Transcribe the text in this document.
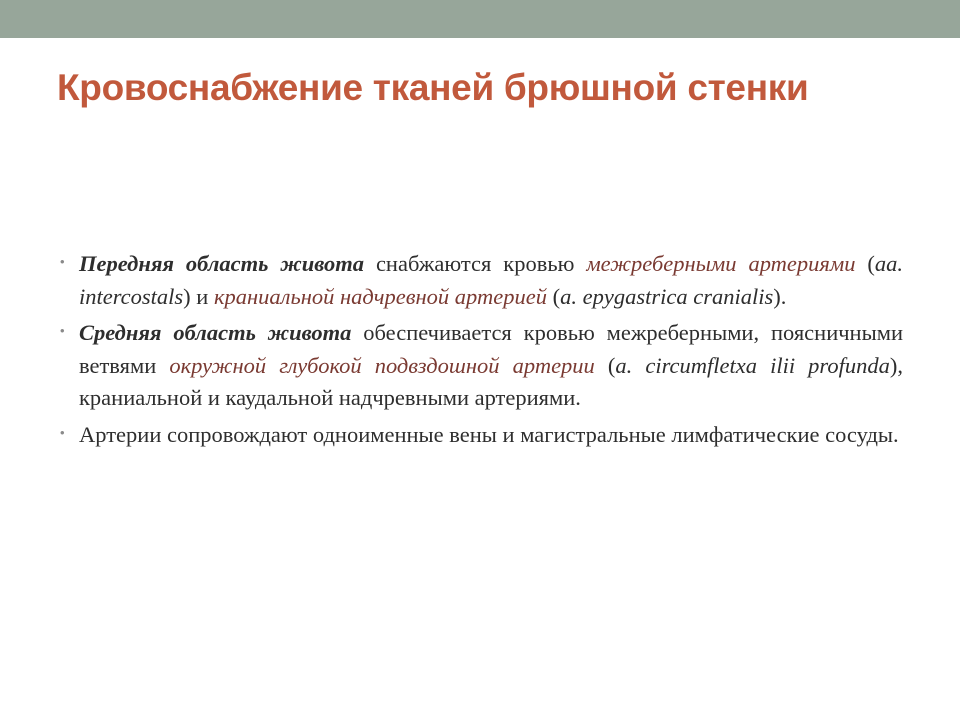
Кровоснабжение тканей брюшной стенки
• Передняя область живота снабжаются кровью межреберными артериями (aa. intercostals) и краниальной надчревной артерией (a. epygastrica cranialis).
• Средняя область живота обеспечивается кровью межреберными, поясничными ветвями окружной глубокой подвздошной артерии (a. circumfletxa ilii profunda), краниальной и каудальной надчревными артериями.
• Артерии сопровождают одноименные вены и магистральные лимфатические сосуды.
